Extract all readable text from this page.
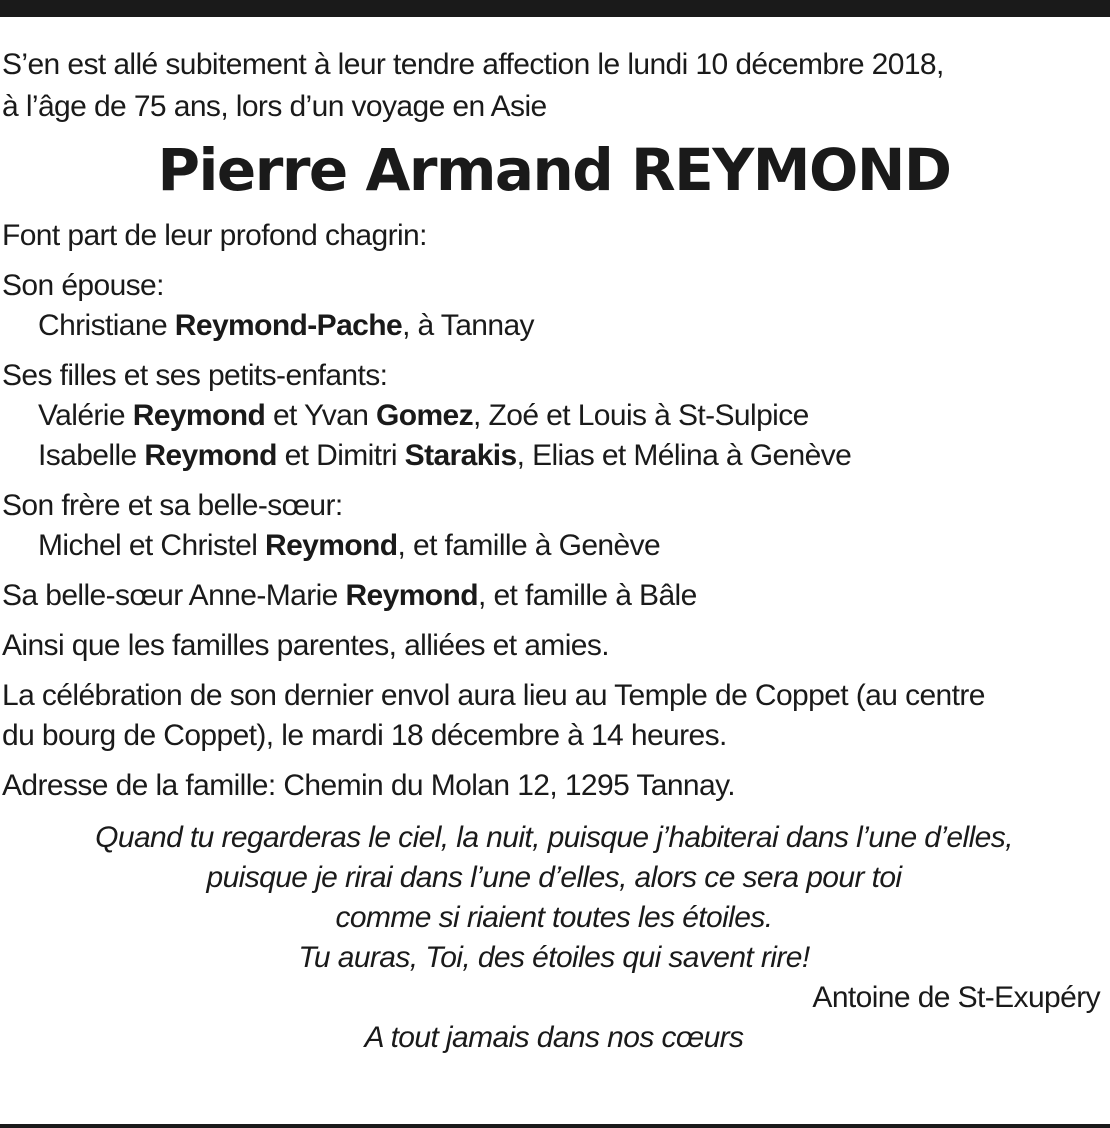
S’en est allé subitement à leur tendre affection le lundi 10 décembre 2018,
à l’âge de 75 ans, lors d’un voyage en Asie
Pierre Armand REYMOND
Font part de leur profond chagrin:
Son épouse:
Christiane Reymond-Pache, à Tannay
Ses filles et ses petits-enfants:
Valérie Reymond et Yvan Gomez, Zoé et Louis à St-Sulpice
Isabelle Reymond et Dimitri Starakis, Elias et Mélina à Genève
Son frère et sa belle-sœur:
Michel et Christel Reymond, et famille à Genève
Sa belle-sœur Anne-Marie Reymond, et famille à Bâle
Ainsi que les familles parentes, alliées et amies.
La célébration de son dernier envol aura lieu au Temple de Coppet (au centre
du bourg de Coppet), le mardi 18 décembre à 14 heures.
Adresse de la famille: Chemin du Molan 12, 1295 Tannay.
Quand tu regarderas le ciel, la nuit, puisque j’habiterai dans l’une d’elles,
puisque je rirai dans l’une d’elles, alors ce sera pour toi
comme si riaient toutes les étoiles.
Tu auras, Toi, des étoiles qui savent rire!
Antoine de St-Exupéry
A tout jamais dans nos cœurs
